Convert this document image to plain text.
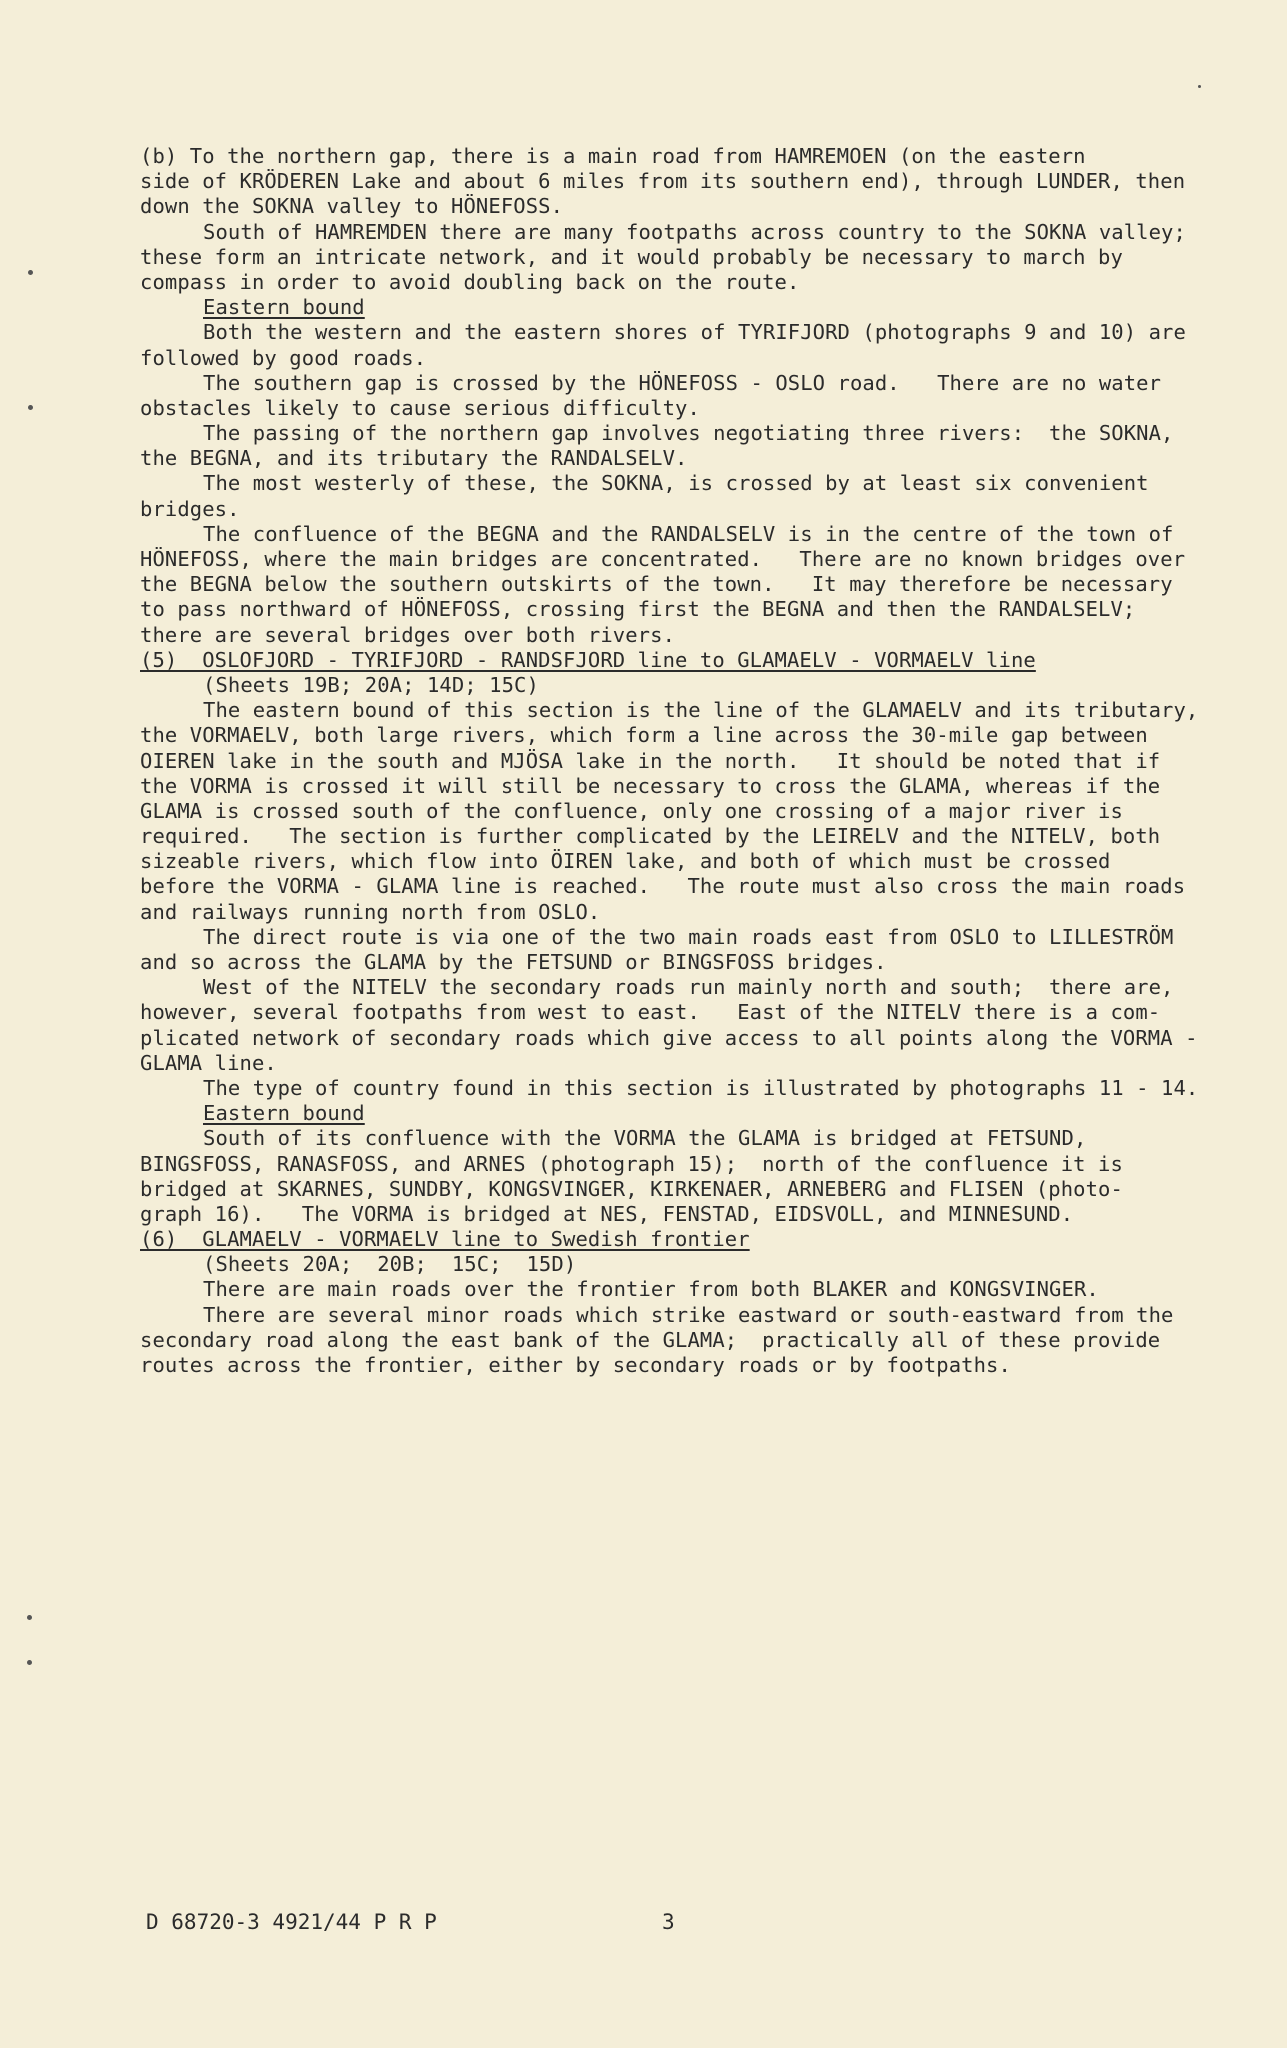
(b) To the northern gap, there is a main road from HAMREMOEN (on the eastern
side of KRÖDEREN Lake and about 6 miles from its southern end), through LUNDER, then
down the SOKNA valley to HÖNEFOSS.
South of HAMREMDEN there are many footpaths across country to the SOKNA valley;
these form an intricate network, and it would probably be necessary to march by
compass in order to avoid doubling back on the route.
Eastern bound
Both the western and the eastern shores of TYRIFJORD (photographs 9 and 10) are
followed by good roads.
The southern gap is crossed by the HÖNEFOSS - OSLO road.   There are no water
obstacles likely to cause serious difficulty.
The passing of the northern gap involves negotiating three rivers:  the SOKNA,
the BEGNA, and its tributary the RANDALSELV.
The most westerly of these, the SOKNA, is crossed by at least six convenient
bridges.
The confluence of the BEGNA and the RANDALSELV is in the centre of the town of
HÖNEFOSS, where the main bridges are concentrated.   There are no known bridges over
the BEGNA below the southern outskirts of the town.   It may therefore be necessary
to pass northward of HÖNEFOSS, crossing first the BEGNA and then the RANDALSELV;
there are several bridges over both rivers.
(5)  OSLOFJORD - TYRIFJORD - RANDSFJORD line to GLAMAELV - VORMAELV line
(Sheets 19B; 20A; 14D; 15C)
The eastern bound of this section is the line of the GLAMAELV and its tributary,
the VORMAELV, both large rivers, which form a line across the 30-mile gap between
OIEREN lake in the south and MJÖSA lake in the north.   It should be noted that if
the VORMA is crossed it will still be necessary to cross the GLAMA, whereas if the
GLAMA is crossed south of the confluence, only one crossing of a major river is
required.   The section is further complicated by the LEIRELV and the NITELV, both
sizeable rivers, which flow into ÖIREN lake, and both of which must be crossed
before the VORMA - GLAMA line is reached.   The route must also cross the main roads
and railways running north from OSLO.
The direct route is via one of the two main roads east from OSLO to LILLESTRÖM
and so across the GLAMA by the FETSUND or BINGSFOSS bridges.
West of the NITELV the secondary roads run mainly north and south;  there are,
however, several footpaths from west to east.   East of the NITELV there is a com-
plicated network of secondary roads which give access to all points along the VORMA -
GLAMA line.
The type of country found in this section is illustrated by photographs 11 - 14.
Eastern bound
South of its confluence with the VORMA the GLAMA is bridged at FETSUND,
BINGSFOSS, RANASFOSS, and ARNES (photograph 15);  north of the confluence it is
bridged at SKARNES, SUNDBY, KONGSVINGER, KIRKENAER, ARNEBERG and FLISEN (photo-
graph 16).   The VORMA is bridged at NES, FENSTAD, EIDSVOLL, and MINNESUND.
(6)  GLAMAELV - VORMAELV line to Swedish frontier
(Sheets 20A;  20B;  15C;  15D)
There are main roads over the frontier from both BLAKER and KONGSVINGER.
There are several minor roads which strike eastward or south-eastward from the
secondary road along the east bank of the GLAMA;  practically all of these provide
routes across the frontier, either by secondary roads or by footpaths.
D 68720-3 4921/44 P R P	3
